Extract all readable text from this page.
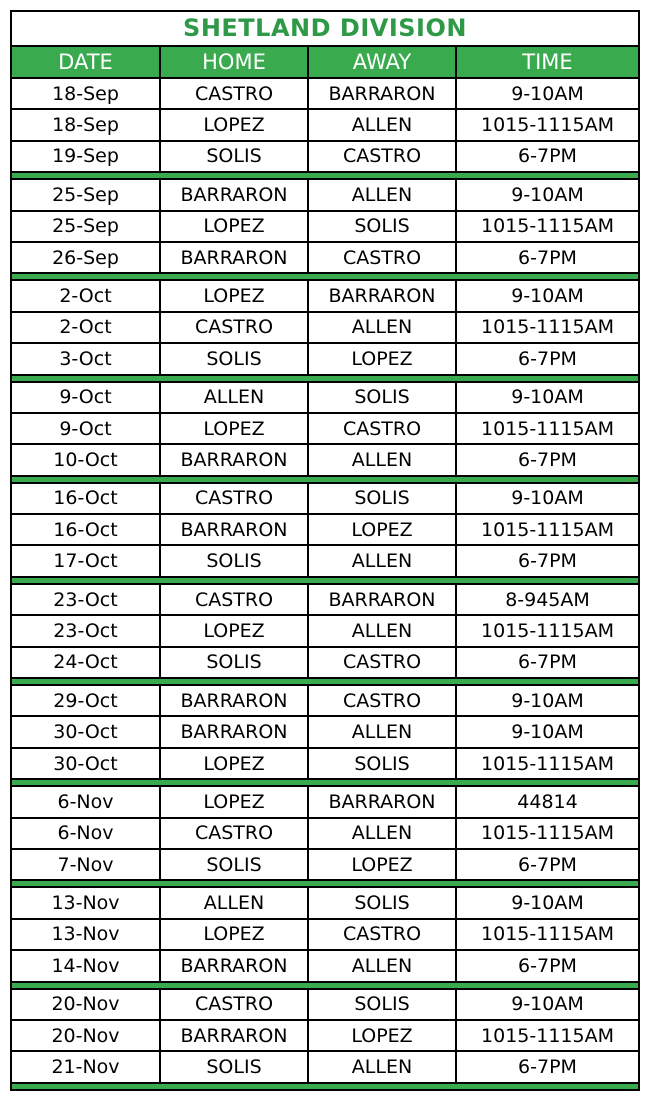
SHETLAND DIVISION
DATE	HOME	AWAY	TIME
18-Sep	CASTRO	BARRARON	9-10AM
18-Sep	LOPEZ	ALLEN	1015-1115AM
19-Sep	SOLIS	CASTRO	6-7PM

25-Sep	BARRARON	ALLEN	9-10AM
25-Sep	LOPEZ	SOLIS	1015-1115AM
26-Sep	BARRARON	CASTRO	6-7PM

2-Oct	LOPEZ	BARRARON	9-10AM
2-Oct	CASTRO	ALLEN	1015-1115AM
3-Oct	SOLIS	LOPEZ	6-7PM

9-Oct	ALLEN	SOLIS	9-10AM
9-Oct	LOPEZ	CASTRO	1015-1115AM
10-Oct	BARRARON	ALLEN	6-7PM

16-Oct	CASTRO	SOLIS	9-10AM
16-Oct	BARRARON	LOPEZ	1015-1115AM
17-Oct	SOLIS	ALLEN	6-7PM

23-Oct	CASTRO	BARRARON	8-945AM
23-Oct	LOPEZ	ALLEN	1015-1115AM
24-Oct	SOLIS	CASTRO	6-7PM

29-Oct	BARRARON	CASTRO	9-10AM
30-Oct	BARRARON	ALLEN	9-10AM
30-Oct	LOPEZ	SOLIS	1015-1115AM

6-Nov	LOPEZ	BARRARON	44814
6-Nov	CASTRO	ALLEN	1015-1115AM
7-Nov	SOLIS	LOPEZ	6-7PM

13-Nov	ALLEN	SOLIS	9-10AM
13-Nov	LOPEZ	CASTRO	1015-1115AM
14-Nov	BARRARON	ALLEN	6-7PM

20-Nov	CASTRO	SOLIS	9-10AM
20-Nov	BARRARON	LOPEZ	1015-1115AM
21-Nov	SOLIS	ALLEN	6-7PM
